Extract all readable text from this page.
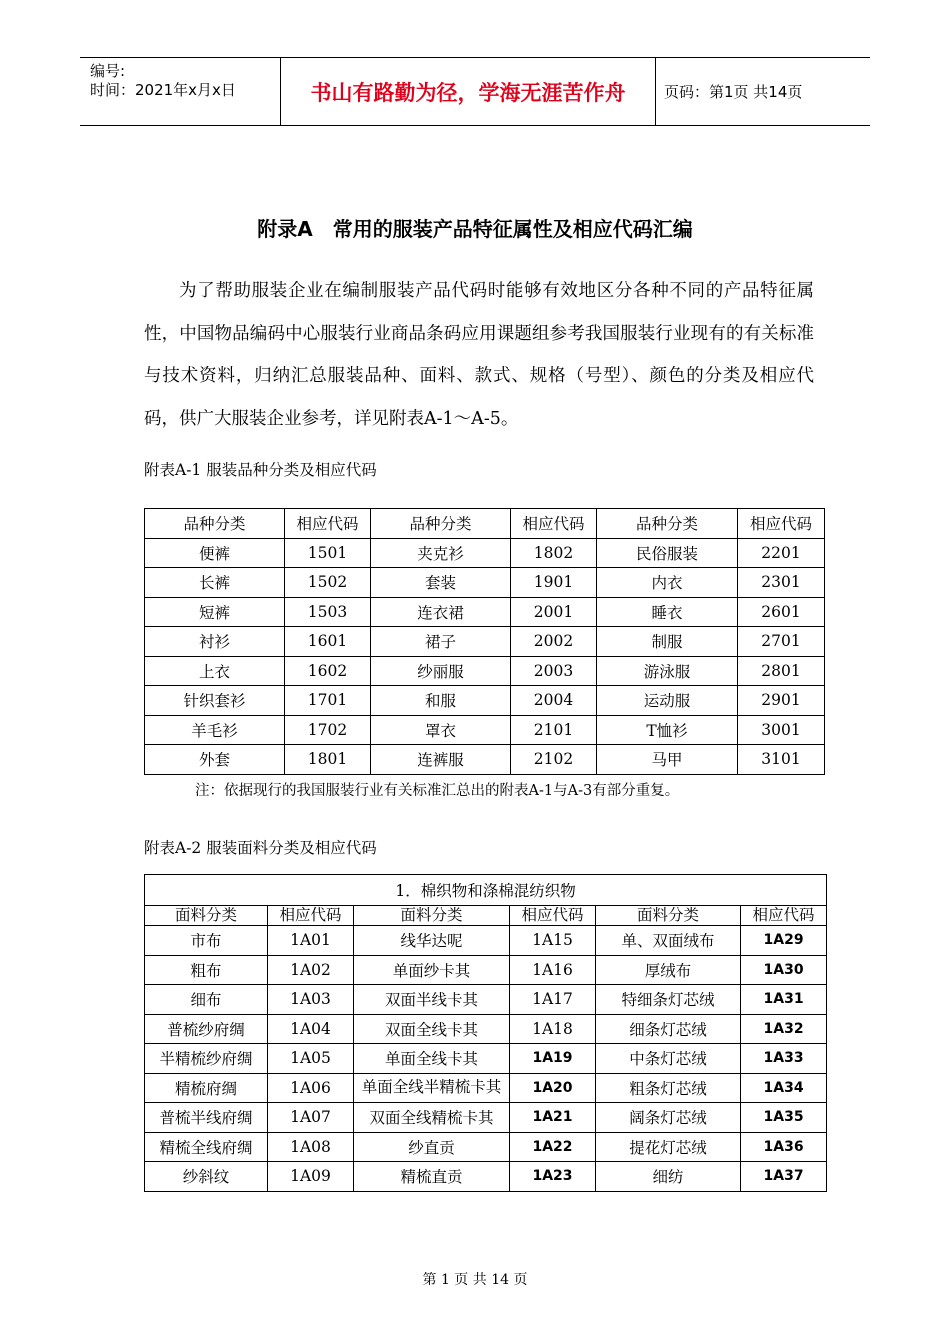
编号:
时间：2021年x月x日	书山有路勤为径，学海无涯苦作舟	页码：第1页 共14页
附录A　常用的服装产品特征属性及相应代码汇编

为了帮助服装企业在编制服装产品代码时能够有效地区分各种不同的产品特征属性，中国物品编码中心服装行业商品条码应用课题组参考我国服装行业现有的有关标准与技术资料，归纳汇总服装品种、面料、款式、规格（号型）、颜色的分类及相应代码，供广大服装企业参考，详见附表A-1～A-5。

附表A-1 服装品种分类及相应代码
品种分类	相应代码	品种分类	相应代码	品种分类	相应代码
便裤	1501	夹克衫	1802	民俗服装	2201
长裤	1502	套装	1901	内衣	2301
短裤	1503	连衣裙	2001	睡衣	2601
衬衫	1601	裙子	2002	制服	2701
上衣	1602	纱丽服	2003	游泳服	2801
针织套衫	1701	和服	2004	运动服	2901
羊毛衫	1702	罩衣	2101	T恤衫	3001
外套	1801	连裤服	2102	马甲	3101
注：依据现行的我国服装行业有关标准汇总出的附表A-1与A-3有部分重复。
附表A-2 服装面料分类及相应代码
1．棉织物和涤棉混纺织物					
面料分类	相应代码	面料分类	相应代码	面料分类	相应代码
市布	1A01	线华达呢	1A15	单、双面绒布	1A29
粗布	1A02	单面纱卡其	1A16	厚绒布	1A30
细布	1A03	双面半线卡其	1A17	特细条灯芯绒	1A31
普梳纱府绸	1A04	双面全线卡其	1A18	细条灯芯绒	1A32
半精梳纱府绸	1A05	单面全线卡其	1A19	中条灯芯绒	1A33
精梳府绸	1A06	单面全线半精梳卡其	1A20	粗条灯芯绒	1A34
普梳半线府绸	1A07	双面全线精梳卡其	1A21	阔条灯芯绒	1A35
精梳全线府绸	1A08	纱直贡	1A22	提花灯芯绒	1A36
纱斜纹	1A09	精梳直贡	1A23	细纺	1A37
第 1 页 共 14 页
